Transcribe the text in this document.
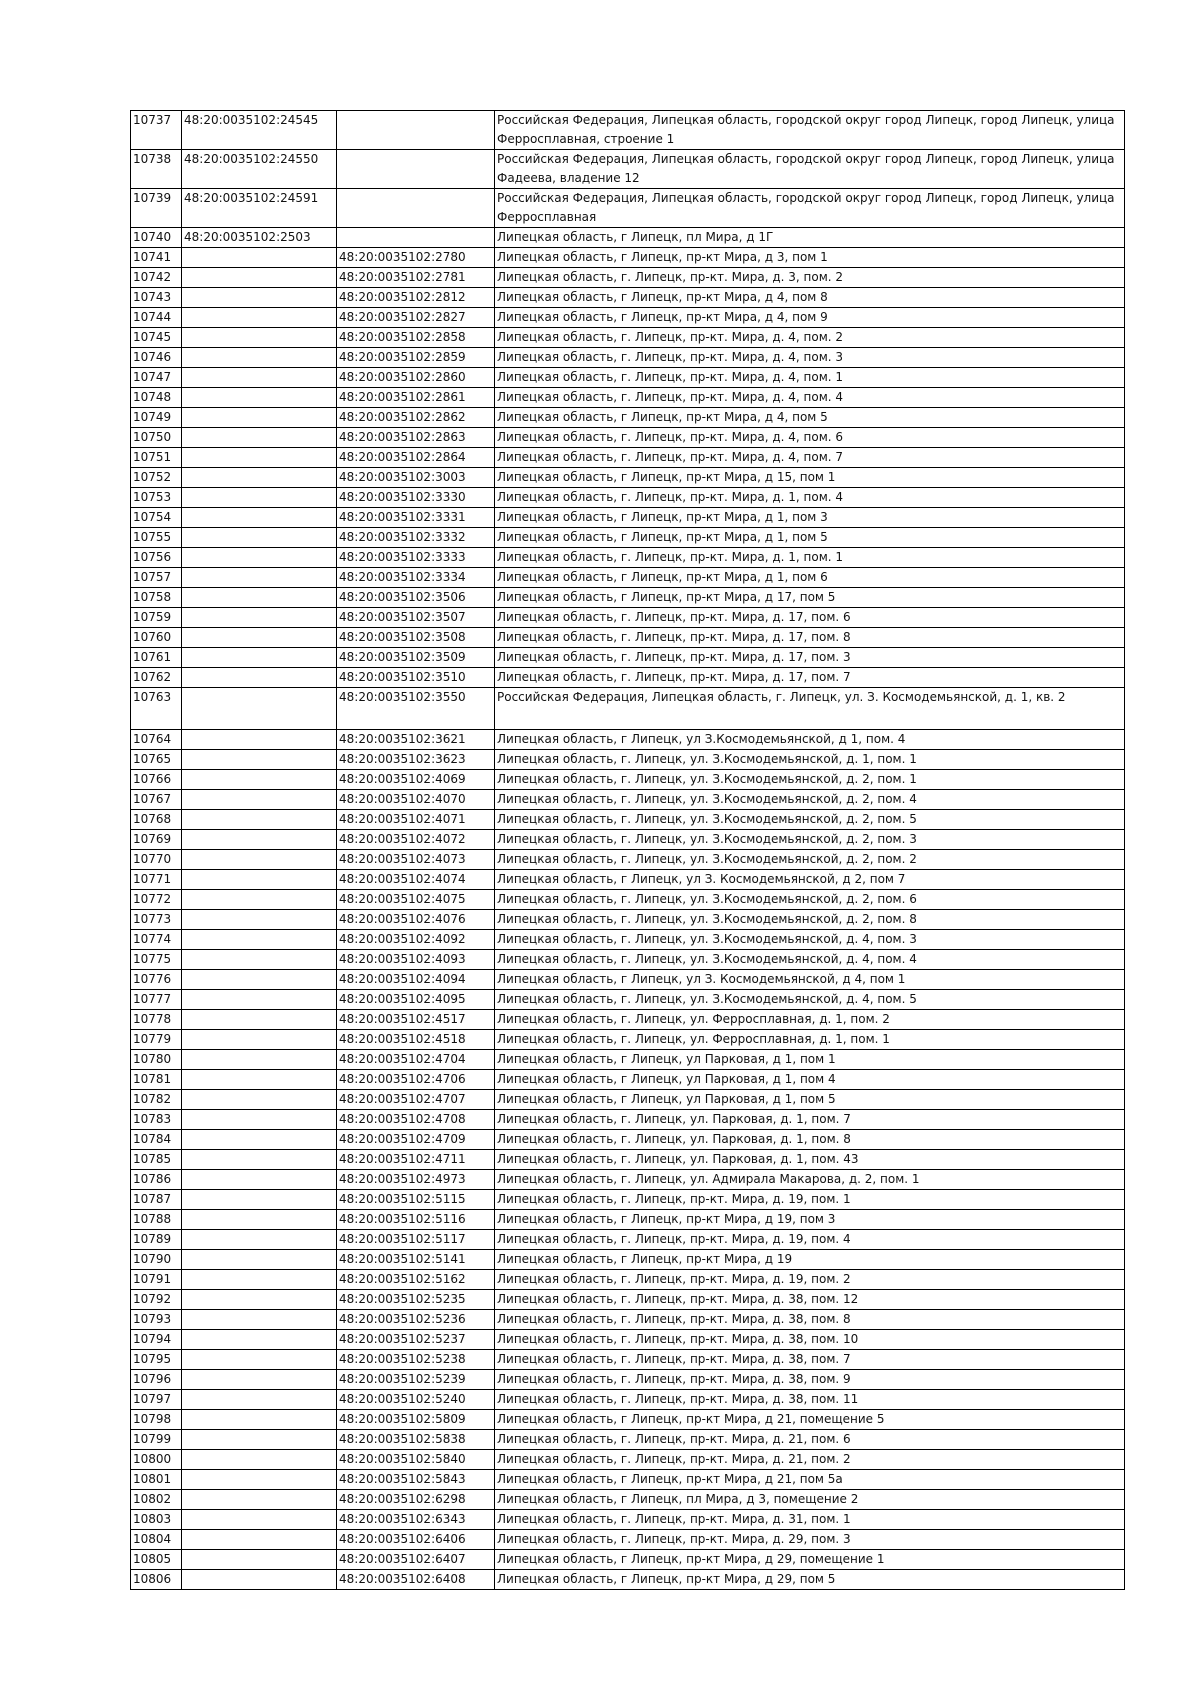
10737	48:20:0035102:24545		Российская Федерация, Липецкая область, городской округ город Липецк, город Липецк, улица Ферросплавная, строение 1
10738	48:20:0035102:24550		Российская Федерация, Липецкая область, городской округ город Липецк, город Липецк, улица Фадеева, владение 12
10739	48:20:0035102:24591		Российская Федерация, Липецкая область, городской округ город Липецк, город Липецк, улица Ферросплавная
10740	48:20:0035102:2503		Липецкая область, г Липецк, пл Мира, д 1Г
10741		48:20:0035102:2780	Липецкая область, г Липецк, пр-кт Мира, д 3, пом 1
10742		48:20:0035102:2781	Липецкая область, г. Липецк, пр-кт. Мира, д. 3, пом. 2
10743		48:20:0035102:2812	Липецкая область, г Липецк, пр-кт Мира, д 4, пом 8
10744		48:20:0035102:2827	Липецкая область, г Липецк, пр-кт Мира, д 4, пом 9
10745		48:20:0035102:2858	Липецкая область, г. Липецк, пр-кт. Мира, д. 4, пом. 2
10746		48:20:0035102:2859	Липецкая область, г. Липецк, пр-кт. Мира, д. 4, пом. 3
10747		48:20:0035102:2860	Липецкая область, г. Липецк, пр-кт. Мира, д. 4, пом. 1
10748		48:20:0035102:2861	Липецкая область, г. Липецк, пр-кт. Мира, д. 4, пом. 4
10749		48:20:0035102:2862	Липецкая область, г Липецк, пр-кт Мира, д 4, пом 5
10750		48:20:0035102:2863	Липецкая область, г. Липецк, пр-кт. Мира, д. 4, пом. 6
10751		48:20:0035102:2864	Липецкая область, г. Липецк, пр-кт. Мира, д. 4, пом. 7
10752		48:20:0035102:3003	Липецкая область, г Липецк, пр-кт Мира, д 15, пом 1
10753		48:20:0035102:3330	Липецкая область, г. Липецк, пр-кт. Мира, д. 1, пом. 4
10754		48:20:0035102:3331	Липецкая область, г Липецк, пр-кт Мира, д 1, пом 3
10755		48:20:0035102:3332	Липецкая область, г Липецк, пр-кт Мира, д 1, пом 5
10756		48:20:0035102:3333	Липецкая область, г. Липецк, пр-кт. Мира, д. 1, пом. 1
10757		48:20:0035102:3334	Липецкая область, г Липецк, пр-кт Мира, д 1, пом 6
10758		48:20:0035102:3506	Липецкая область, г Липецк, пр-кт Мира, д 17, пом 5
10759		48:20:0035102:3507	Липецкая область, г. Липецк, пр-кт. Мира, д. 17, пом. 6
10760		48:20:0035102:3508	Липецкая область, г. Липецк, пр-кт. Мира, д. 17, пом. 8
10761		48:20:0035102:3509	Липецкая область, г. Липецк, пр-кт. Мира, д. 17, пом. 3
10762		48:20:0035102:3510	Липецкая область, г. Липецк, пр-кт. Мира, д. 17, пом. 7
10763		48:20:0035102:3550	Российская Федерация, Липецкая область, г. Липецк, ул. З. Космодемьянской, д. 1, кв. 2
10764		48:20:0035102:3621	Липецкая область, г Липецк, ул З.Космодемьянской, д 1, пом. 4
10765		48:20:0035102:3623	Липецкая область, г. Липецк, ул. З.Космодемьянской, д. 1, пом. 1
10766		48:20:0035102:4069	Липецкая область, г. Липецк, ул. З.Космодемьянской, д. 2, пом. 1
10767		48:20:0035102:4070	Липецкая область, г. Липецк, ул. З.Космодемьянской, д. 2, пом. 4
10768		48:20:0035102:4071	Липецкая область, г. Липецк, ул. З.Космодемьянской, д. 2, пом. 5
10769		48:20:0035102:4072	Липецкая область, г. Липецк, ул. З.Космодемьянской, д. 2, пом. 3
10770		48:20:0035102:4073	Липецкая область, г. Липецк, ул. З.Космодемьянской, д. 2, пом. 2
10771		48:20:0035102:4074	Липецкая область, г Липецк, ул З. Космодемьянской, д 2, пом 7
10772		48:20:0035102:4075	Липецкая область, г. Липецк, ул. З.Космодемьянской, д. 2, пом. 6
10773		48:20:0035102:4076	Липецкая область, г. Липецк, ул. З.Космодемьянской, д. 2, пом. 8
10774		48:20:0035102:4092	Липецкая область, г. Липецк, ул. З.Космодемьянской, д. 4, пом. 3
10775		48:20:0035102:4093	Липецкая область, г. Липецк, ул. З.Космодемьянской, д. 4, пом. 4
10776		48:20:0035102:4094	Липецкая область, г Липецк, ул З. Космодемьянской, д 4, пом 1
10777		48:20:0035102:4095	Липецкая область, г. Липецк, ул. З.Космодемьянской, д. 4, пом. 5
10778		48:20:0035102:4517	Липецкая область, г. Липецк, ул. Ферросплавная, д. 1, пом. 2
10779		48:20:0035102:4518	Липецкая область, г. Липецк, ул. Ферросплавная, д. 1, пом. 1
10780		48:20:0035102:4704	Липецкая область, г Липецк, ул Парковая, д 1, пом 1
10781		48:20:0035102:4706	Липецкая область, г Липецк, ул Парковая, д 1, пом 4
10782		48:20:0035102:4707	Липецкая область, г Липецк, ул Парковая, д 1, пом 5
10783		48:20:0035102:4708	Липецкая область, г. Липецк, ул. Парковая, д. 1, пом. 7
10784		48:20:0035102:4709	Липецкая область, г. Липецк, ул. Парковая, д. 1, пом. 8
10785		48:20:0035102:4711	Липецкая область, г. Липецк, ул. Парковая, д. 1, пом. 43
10786		48:20:0035102:4973	Липецкая область, г. Липецк, ул. Адмирала Макарова, д. 2, пом. 1
10787		48:20:0035102:5115	Липецкая область, г. Липецк, пр-кт. Мира, д. 19, пом. 1
10788		48:20:0035102:5116	Липецкая область, г Липецк, пр-кт Мира, д 19, пом 3
10789		48:20:0035102:5117	Липецкая область, г. Липецк, пр-кт. Мира, д. 19, пом. 4
10790		48:20:0035102:5141	Липецкая область, г Липецк, пр-кт Мира, д 19
10791		48:20:0035102:5162	Липецкая область, г. Липецк, пр-кт. Мира, д. 19, пом. 2
10792		48:20:0035102:5235	Липецкая область, г. Липецк, пр-кт. Мира, д. 38, пом. 12
10793		48:20:0035102:5236	Липецкая область, г. Липецк, пр-кт. Мира, д. 38, пом. 8
10794		48:20:0035102:5237	Липецкая область, г. Липецк, пр-кт. Мира, д. 38, пом. 10
10795		48:20:0035102:5238	Липецкая область, г. Липецк, пр-кт. Мира, д. 38, пом. 7
10796		48:20:0035102:5239	Липецкая область, г. Липецк, пр-кт. Мира, д. 38, пом. 9
10797		48:20:0035102:5240	Липецкая область, г. Липецк, пр-кт. Мира, д. 38, пом. 11
10798		48:20:0035102:5809	Липецкая область, г Липецк, пр-кт Мира, д 21, помещение 5
10799		48:20:0035102:5838	Липецкая область, г. Липецк, пр-кт. Мира, д. 21, пом. 6
10800		48:20:0035102:5840	Липецкая область, г. Липецк, пр-кт. Мира, д. 21, пом. 2
10801		48:20:0035102:5843	Липецкая область, г Липецк, пр-кт Мира, д 21, пом 5а
10802		48:20:0035102:6298	Липецкая область, г Липецк, пл Мира, д 3, помещение 2
10803		48:20:0035102:6343	Липецкая область, г. Липецк, пр-кт. Мира, д. 31, пом. 1
10804		48:20:0035102:6406	Липецкая область, г. Липецк, пр-кт. Мира, д. 29, пом. 3
10805		48:20:0035102:6407	Липецкая область, г Липецк, пр-кт Мира, д 29, помещение 1
10806		48:20:0035102:6408	Липецкая область, г Липецк, пр-кт Мира, д 29, пом 5
